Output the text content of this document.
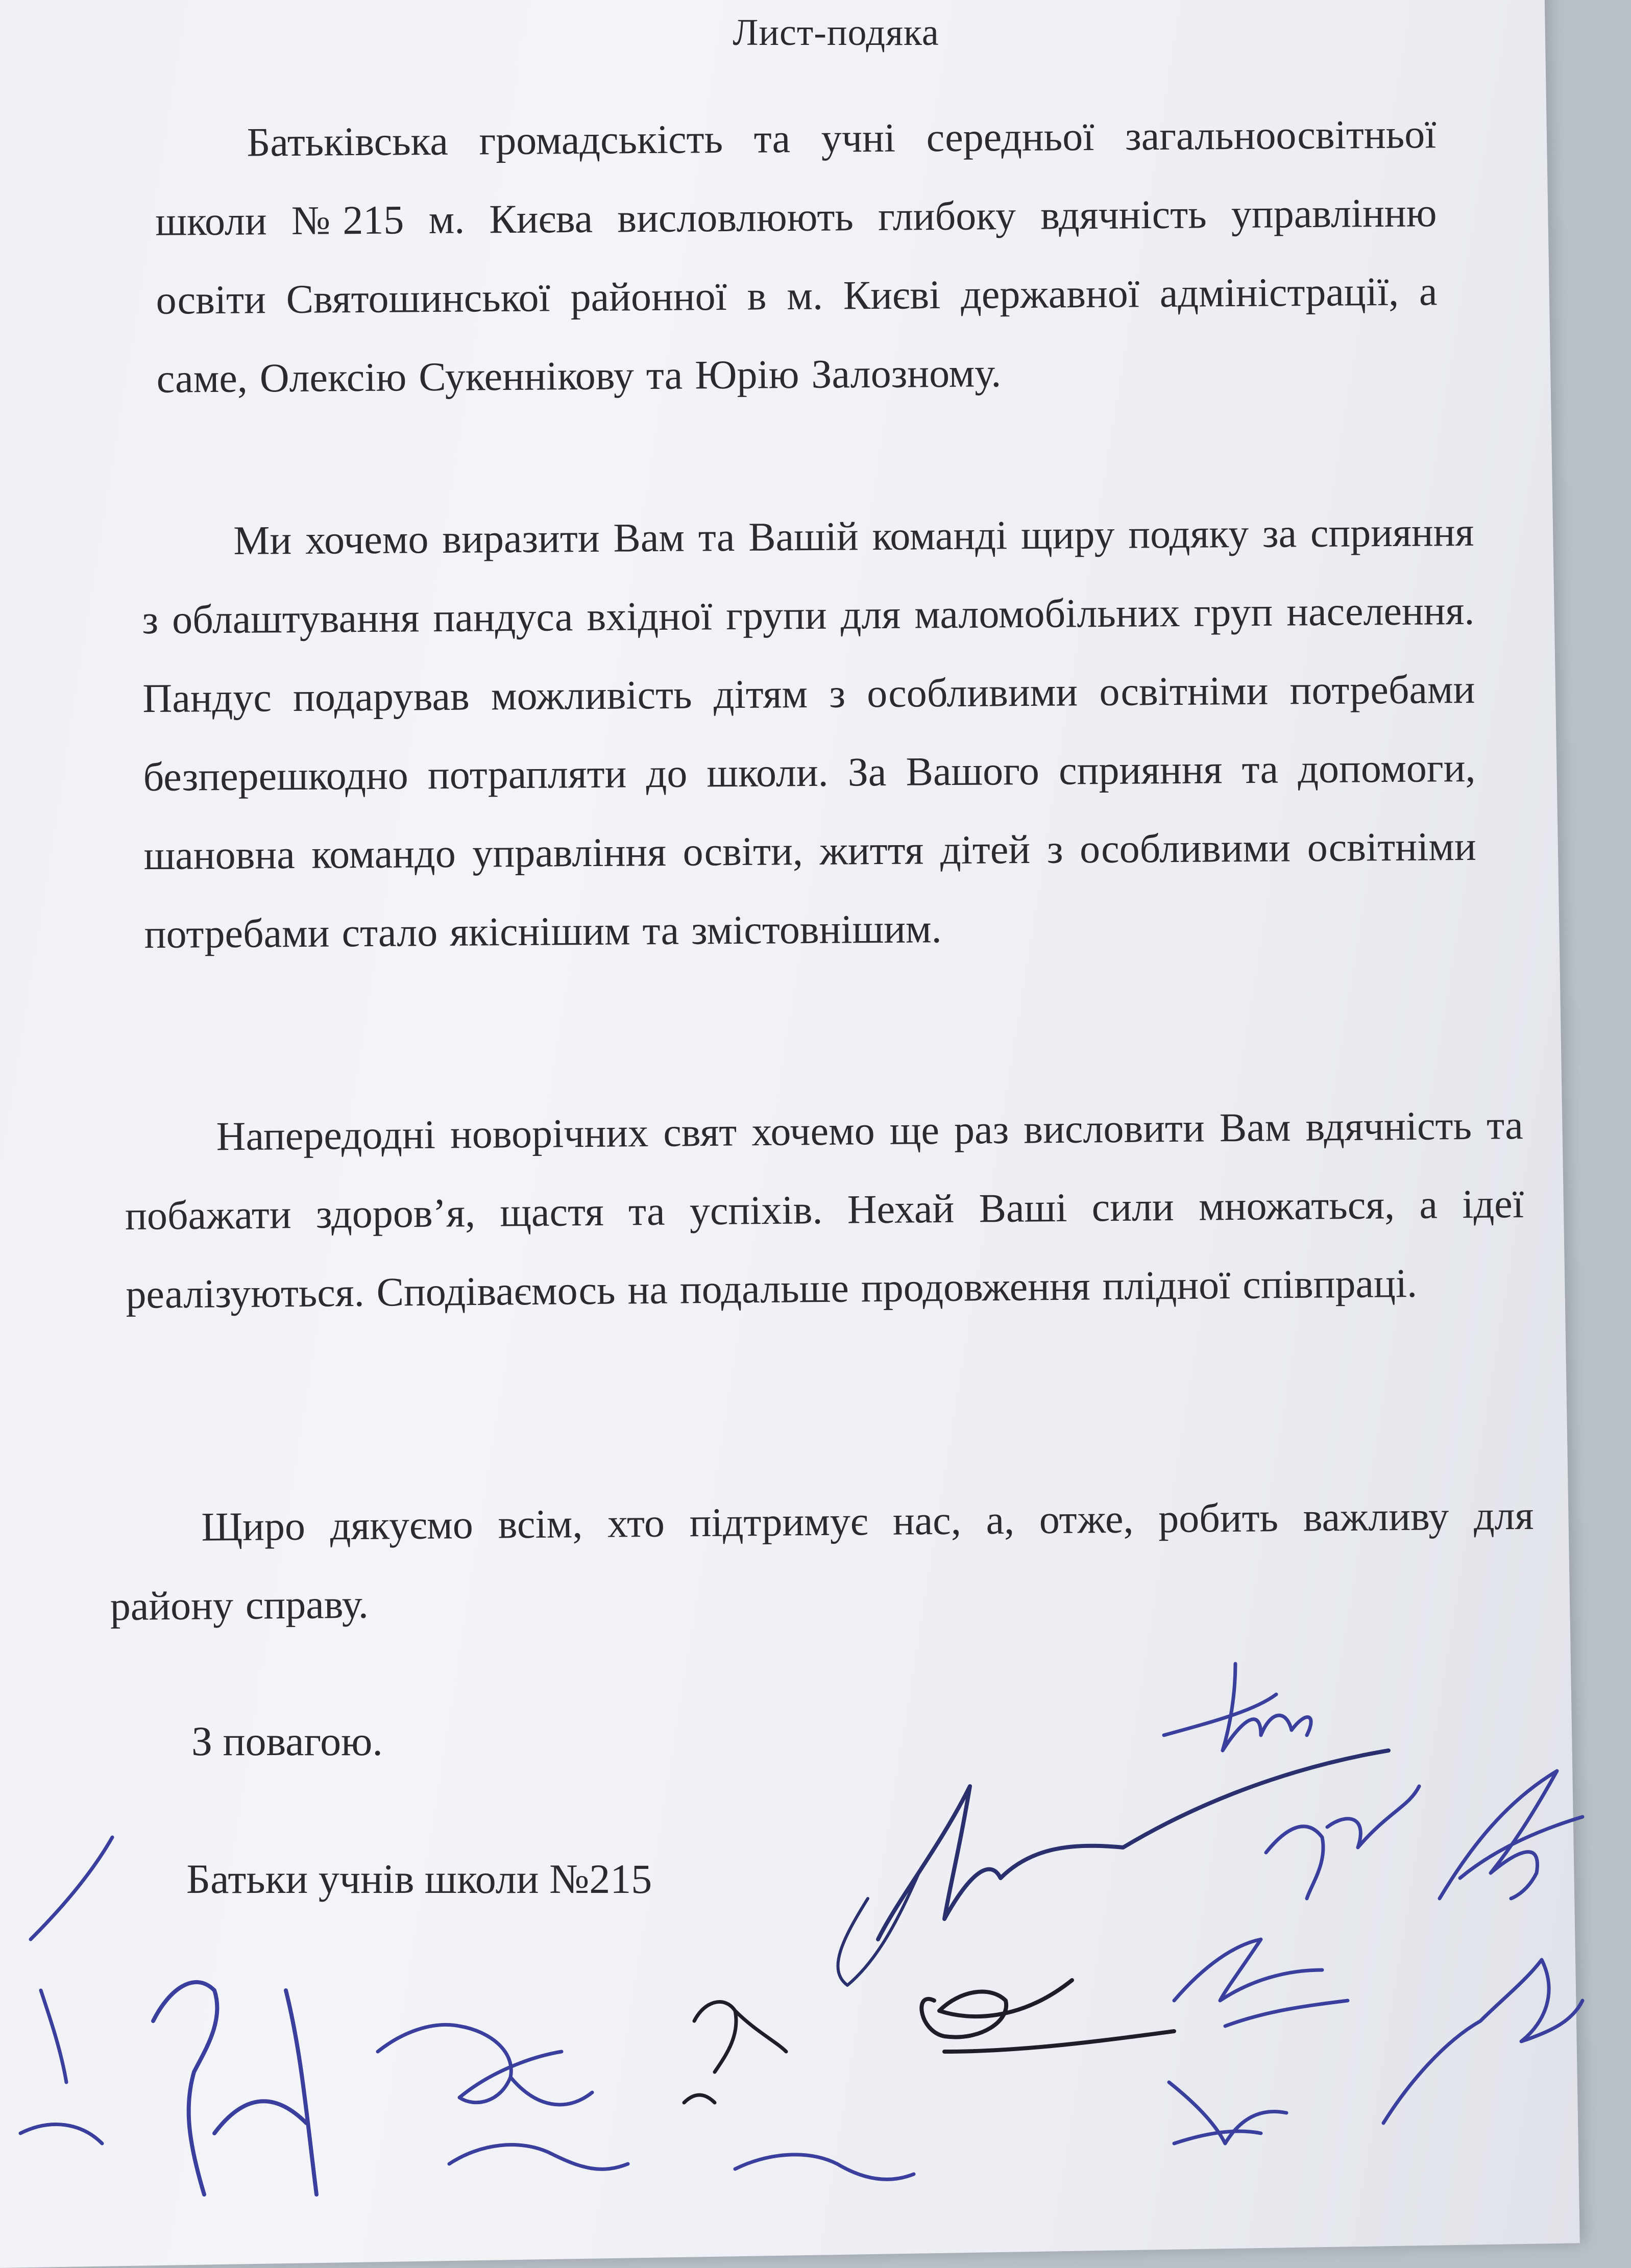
Лист-подяка
Батьківська громадськість та учні середньої загальноосвітньої школи №215 м. Києва висловлюють глибоку вдячність управлінню освіти Святошинської районної в м. Києві державної адміністрації, а саме, Олексію Сукеннікову та Юрію Залозному.
Ми хочемо виразити Вам та Вашій команді щиру подяку за сприяння з облаштування пандуса вхідної групи для маломобільних груп населення. Пандус подарував можливість дітям з особливими освітніми потребами безперешкодно потрапляти до школи. За Вашого сприяння та допомоги, шановна командо управління освіти, життя дітей з особливими освітніми потребами стало якіснішим та змістовнішим.
Напередодні новорічних свят хочемо ще раз висловити Вам вдячність та побажати здоров’я, щастя та успіхів. Нехай Ваші сили множаться, а ідеї реалізуються. Сподіваємось на подальше продовження плідної співпраці.
Щиро дякуємо всім, хто підтримує нас, а, отже, робить важливу для району справу.
З повагою.
Батьки учнів школи №215
